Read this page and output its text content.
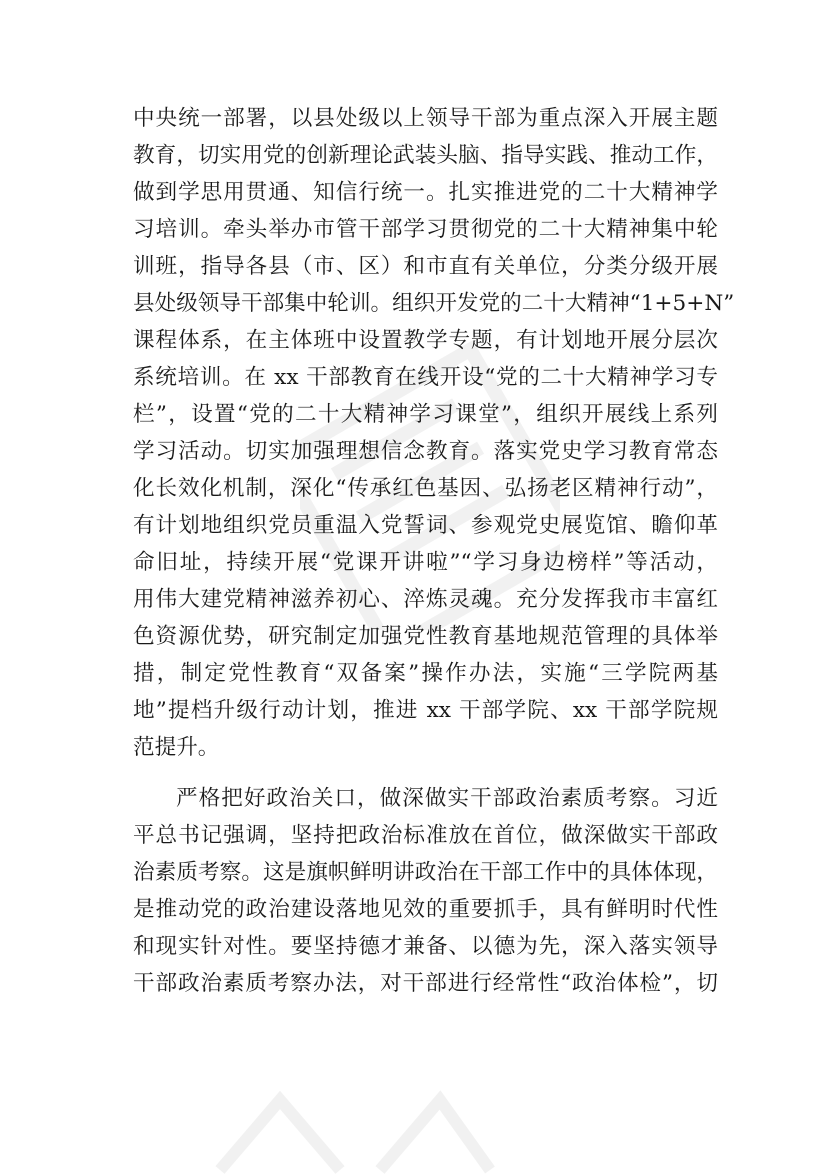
中央统一部署，以县处级以上领导干部为重点深入开展主题
教育，切实用党的创新理论武装头脑、指导实践、推动工作，
做到学思用贯通、知信行统一。扎实推进党的二十大精神学
习培训。牵头举办市管干部学习贯彻党的二十大精神集中轮
训班，指导各县（市、区）和市直有关单位，分类分级开展
县处级领导干部集中轮训。组织开发党的二十大精神“1+5+N”
课程体系，在主体班中设置教学专题，有计划地开展分层次
系统培训。在 xx 干部教育在线开设“党的二十大精神学习专
栏”，设置“党的二十大精神学习课堂”，组织开展线上系列
学习活动。切实加强理想信念教育。落实党史学习教育常态
化长效化机制，深化“传承红色基因、弘扬老区精神行动”，
有计划地组织党员重温入党誓词、参观党史展览馆、瞻仰革
命旧址，持续开展“党课开讲啦”“学习身边榜样”等活动，
用伟大建党精神滋养初心、淬炼灵魂。充分发挥我市丰富红
色资源优势，研究制定加强党性教育基地规范管理的具体举
措，制定党性教育“双备案”操作办法，实施“三学院两基
地”提档升级行动计划，推进 xx 干部学院、xx 干部学院规
范提升。
严格把好政治关口，做深做实干部政治素质考察。习近
平总书记强调，坚持把政治标准放在首位，做深做实干部政
治素质考察。这是旗帜鲜明讲政治在干部工作中的具体体现，
是推动党的政治建设落地见效的重要抓手，具有鲜明时代性
和现实针对性。要坚持德才兼备、以德为先，深入落实领导
干部政治素质考察办法，对干部进行经常性“政治体检”，切
